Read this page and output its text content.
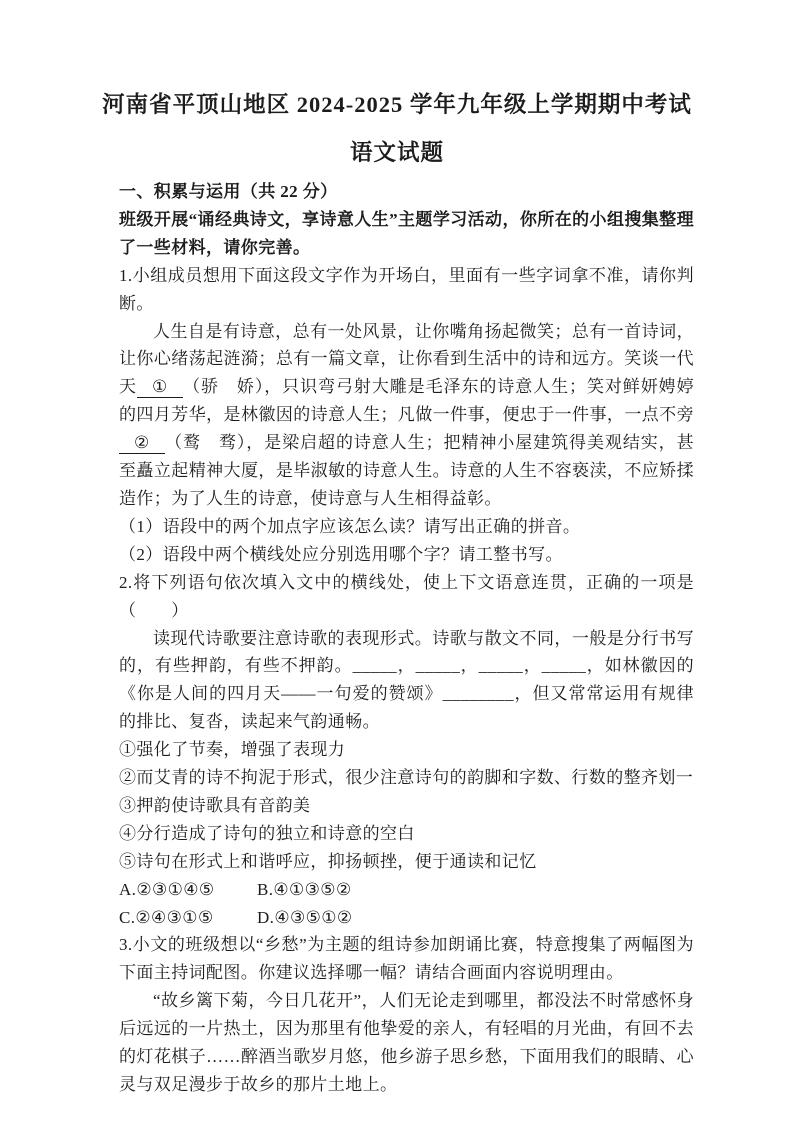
河南省平顶山地区 2024-2025 学年九年级上学期期中考试
语文试题

一、积累与运用（共 22 分）

班级开展“诵经典诗文，享诗意人生”主题学习活动，你所在的小组搜集整理了一些材料，请你完善。

1.小组成员想用下面这段文字作为开场白，里面有一些字词拿不准，请你判断。

人生自是有诗意，总有一处风景，让你嘴角扬起微笑；总有一首诗词，让你心绪荡起涟漪；总有一篇文章，让你看到生活中的诗和远方。笑谈一代天 ① （骄　娇），只识弯弓射大雕是毛泽东的诗意人生；笑对鲜妍娉婷的四月芳华，是林徽因的诗意人生；凡做一件事，便忠于一件事，一点不旁② （鹜　骛），是梁启超的诗意人生；把精神小屋建筑得美观结实，甚至矗立起精神大厦，是毕淑敏的诗意人生。诗意的人生不容亵渎，不应矫揉造作；为了人生的诗意，使诗意与人生相得益彰。

（1）语段中的两个加点字应该怎么读？请写出正确的拼音。

（2）语段中两个横线处应分别选用哪个字？请工整书写。

2.将下列语句依次填入文中的横线处，使上下文语意连贯，正确的一项是（　　）

读现代诗歌要注意诗歌的表现形式。诗歌与散文不同，一般是分行书写的，有些押韵，有些不押韵。_____，_____，_____，_____，如林徽因的《你是人间的四月天——一句爱的赞颂》________，但又常常运用有规律的排比、复沓，读起来气韵通畅。

①强化了节奏，增强了表现力

②而艾青的诗不拘泥于形式，很少注意诗句的韵脚和字数、行数的整齐划一

③押韵使诗歌具有音韵美

④分行造成了诗句的独立和诗意的空白

⑤诗句在形式上和谐呼应，抑扬顿挫，便于通读和记忆

A.②③①④⑤	B.④①③⑤②
C.②④③①⑤	D.④③⑤①②

3.小文的班级想以“乡愁”为主题的组诗参加朗诵比赛，特意搜集了两幅图为下面主持词配图。你建议选择哪一幅？请结合画面内容说明理由。

“故乡篱下菊，今日几花开”，人们无论走到哪里，都没法不时常感怀身后远远的一片热土，因为那里有他挚爱的亲人，有轻唱的月光曲，有回不去的灯花棋子……醉酒当歌岁月悠，他乡游子思乡愁，下面用我们的眼睛、心灵与双足漫步于故乡的那片土地上。
